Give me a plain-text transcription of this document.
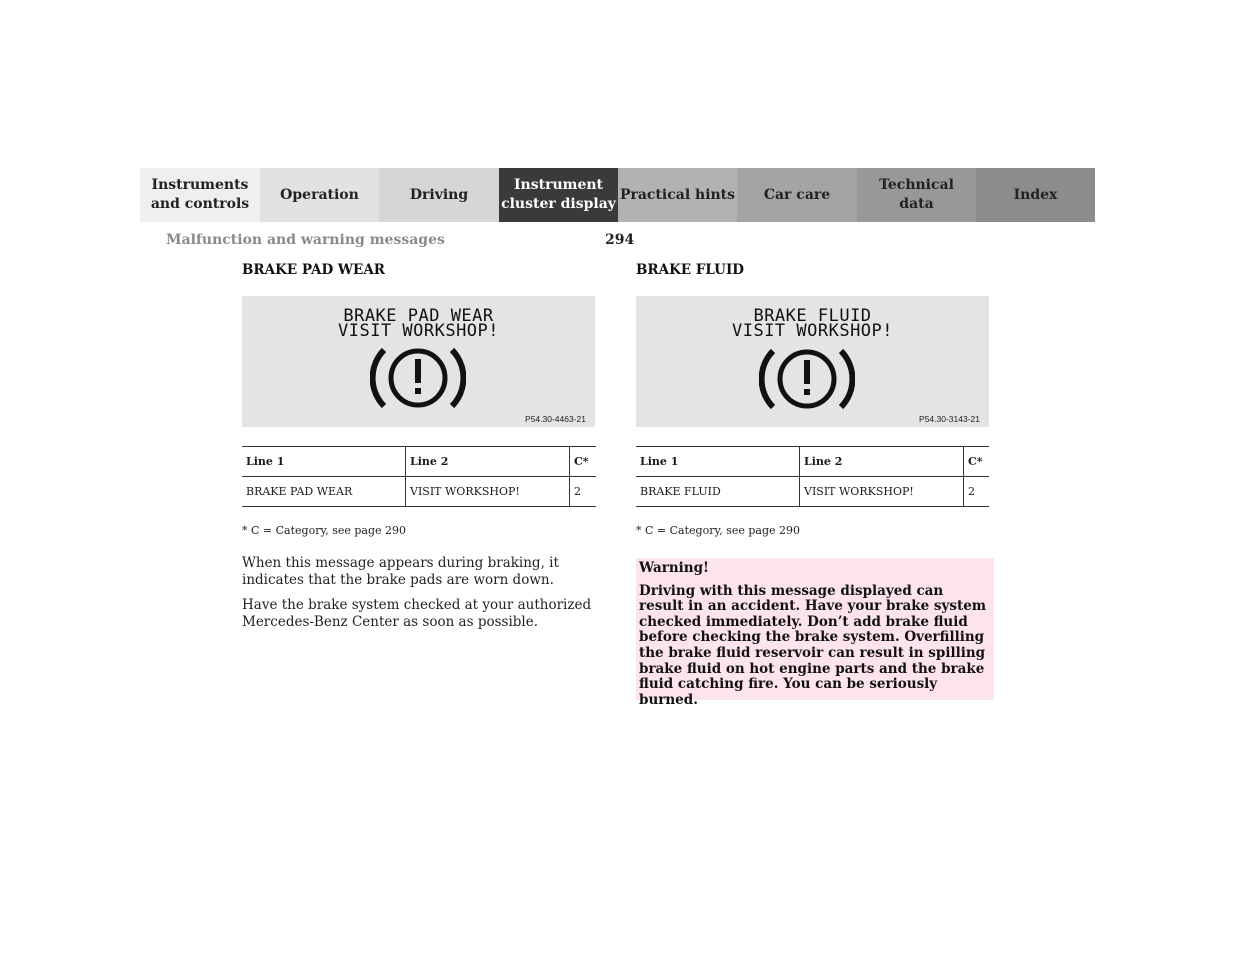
Instruments
and controls
Operation	Driving
Instrument
cluster display
Practical hints	Car care
Technical
data
Index
Malfunction and warning messages	294
BRAKE PAD WEAR
BRAKE PAD WEAR
VISIT WORKSHOP!
P54.30-4463-21
Line 1	Line 2	C*
BRAKE PAD WEAR	VISIT WORKSHOP!	2
* C = Category, see page 290
When this message appears during braking, it indicates that the brake pads are worn down.
Have the brake system checked at your authorized Mercedes-Benz Center as soon as possible.
BRAKE FLUID
BRAKE FLUID
VISIT WORKSHOP!
P54.30-3143-21
Line 1	Line 2	C*
BRAKE FLUID	VISIT WORKSHOP!	2
* C = Category, see page 290
Warning!
Driving with this message displayed can result in an accident. Have your brake system checked immediately. Don’t add brake fluid before checking the brake system. Overfilling the brake fluid reservoir can result in spilling brake fluid on hot engine parts and the brake fluid catching fire. You can be seriously burned.
